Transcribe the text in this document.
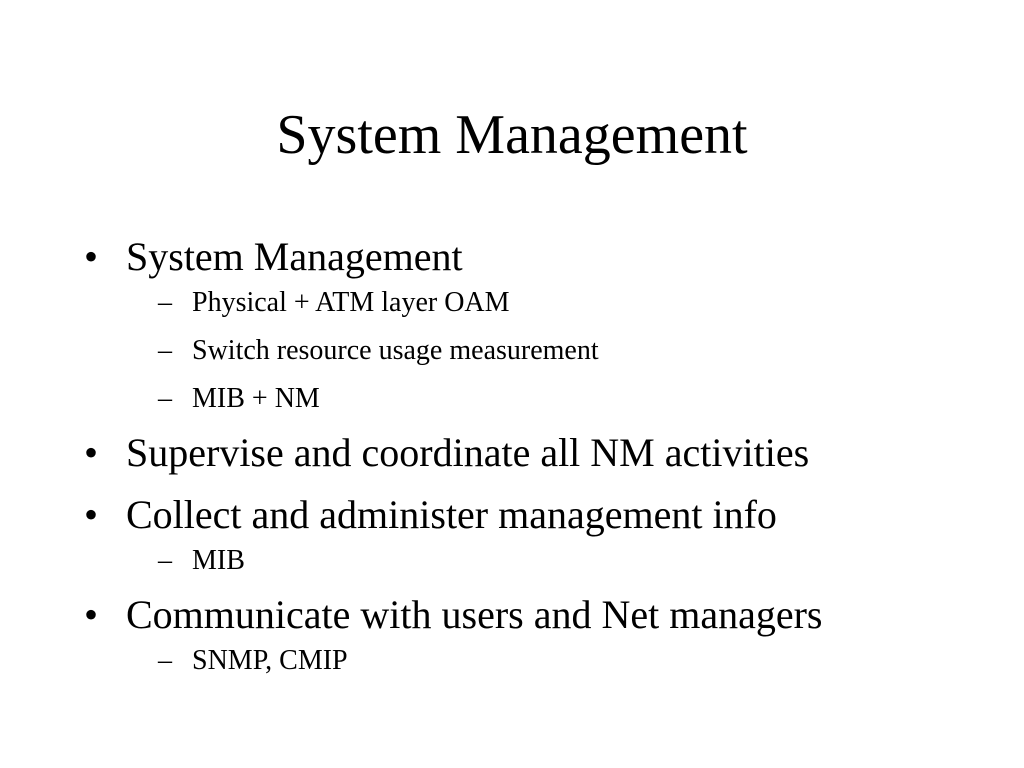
System Management
• System Management
– Physical + ATM layer OAM
– Switch resource usage measurement
– MIB + NM
• Supervise and coordinate all NM activities
• Collect and administer management info
– MIB
• Communicate with users and Net managers
– SNMP, CMIP
